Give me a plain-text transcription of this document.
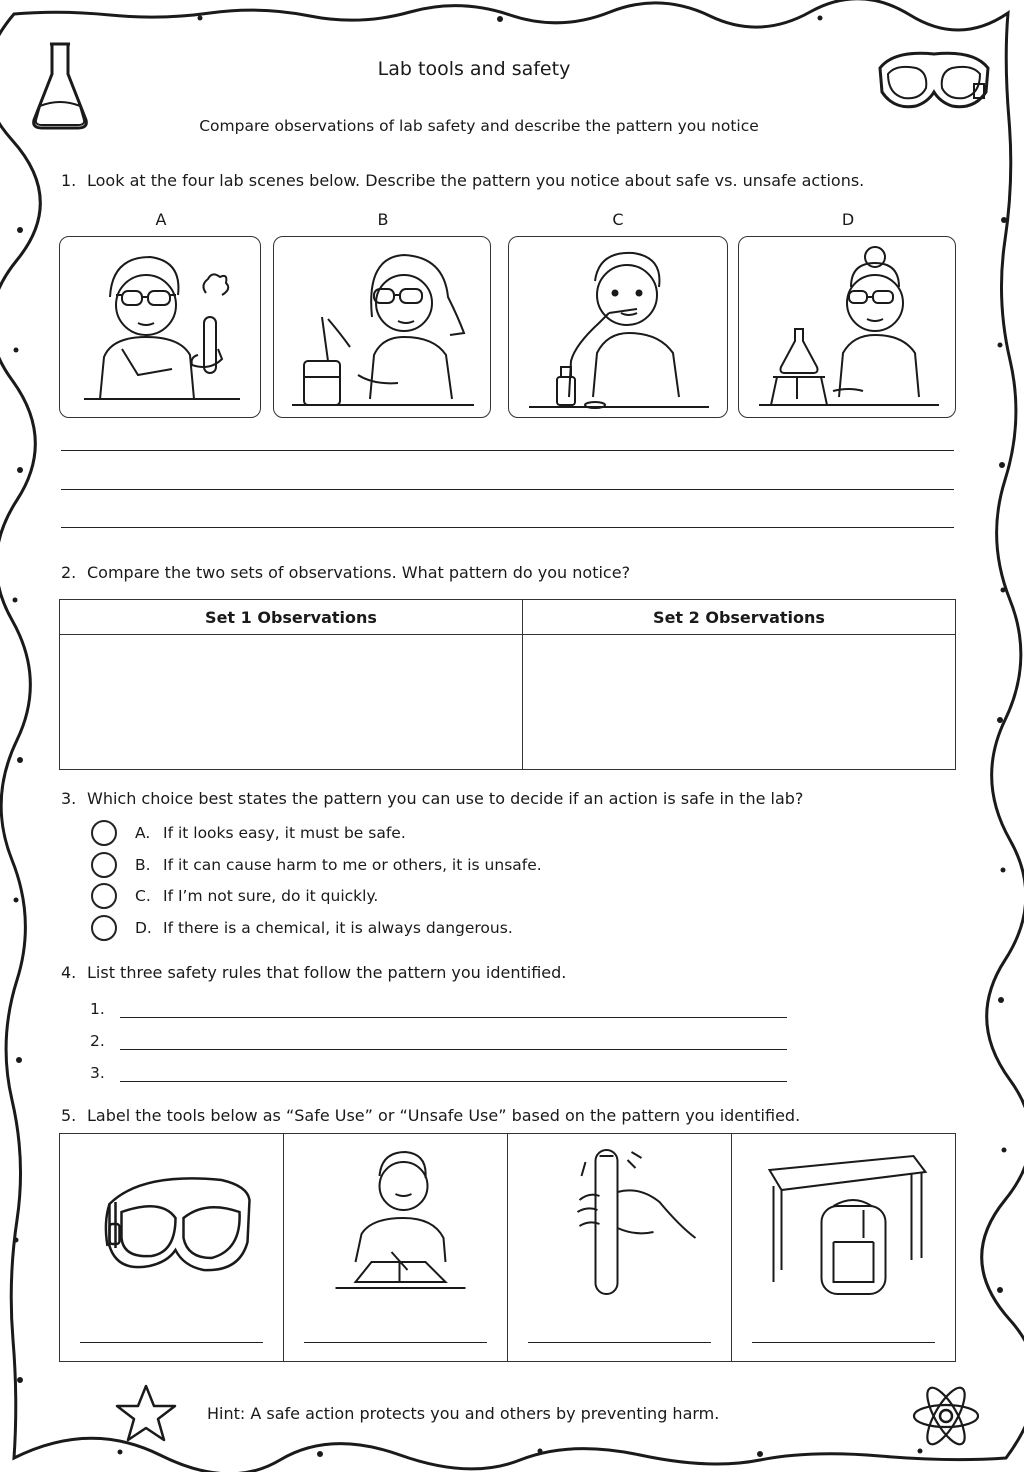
Lab tools and safety
Compare observations of lab safety and describe the pattern you notice
1. Look at the four lab scenes below. Describe the pattern you notice about safe vs. unsafe actions.
A	B	C	D
2. Compare the two sets of observations. What pattern do you notice?
Set 1 Observations	Set 2 Observations

3. Which choice best states the pattern you can use to decide if an action is safe in the lab?
A. If it looks easy, it must be safe.
B. If it can cause harm to me or others, it is unsafe.
C. If I’m not sure, do it quickly.
D. If there is a chemical, it is always dangerous.
4. List three safety rules that follow the pattern you identified.
1.
2.
3.
5. Label the tools below as “Safe Use” or “Unsafe Use” based on the pattern you identified.
Hint: A safe action protects you and others by preventing harm.
